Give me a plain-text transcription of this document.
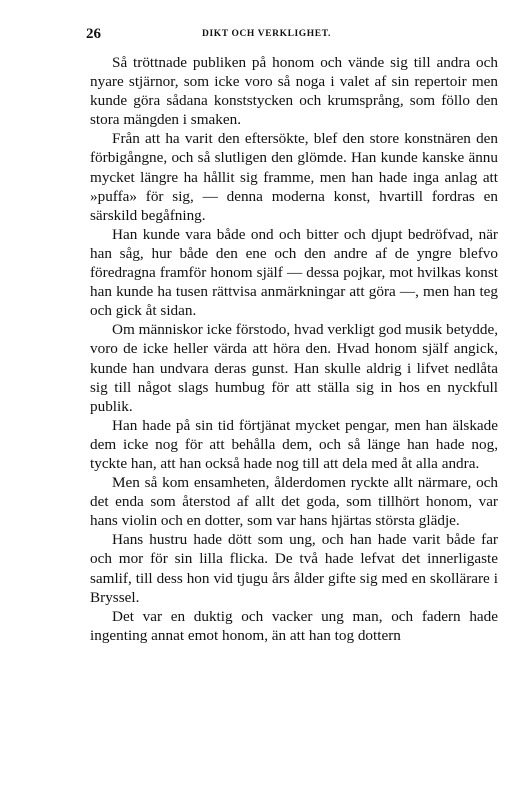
26	DIKT OCH VERKLIGHET.

Så tröttnade publiken på honom och vände sig till andra och nyare stjärnor, som icke voro så noga i valet af sin repertoir men kunde göra sådana konststycken och krumsprång, som föllo den stora mängden i smaken.

Från att ha varit den eftersökte, blef den store konstnären den förbigångne, och så slutligen den glömde. Han kunde kanske ännu mycket längre ha hållit sig framme, men han hade inga anlag att »puffa» för sig, — denna moderna konst, hvartill fordras en särskild begåfning.

Han kunde vara både ond och bitter och djupt bedröfvad, när han såg, hur både den ene och den andre af de yngre blefvo föredragna framför honom själf — dessa pojkar, mot hvilkas konst han kunde ha tusen rättvisa anmärkningar att göra —, men han teg och gick åt sidan.

Om människor icke förstodo, hvad verkligt god musik betydde, voro de icke heller värda att höra den. Hvad honom själf angick, kunde han undvara deras gunst. Han skulle aldrig i lifvet nedlåta sig till något slags humbug för att ställa sig in hos en nyckfull publik.

Han hade på sin tid förtjänat mycket pengar, men han älskade dem icke nog för att behålla dem, och så länge han hade nog, tyckte han, att han också hade nog till att dela med åt alla andra.

Men så kom ensamheten, ålderdomen ryckte allt närmare, och det enda som återstod af allt det goda, som tillhört honom, var hans violin och en dotter, som var hans hjärtas största glädje.

Hans hustru hade dött som ung, och han hade varit både far och mor för sin lilla flicka. De två hade lefvat det innerligaste samlif, till dess hon vid tjugu års ålder gifte sig med en skollärare i Bryssel.

Det var en duktig och vacker ung man, och fadern hade ingenting annat emot honom, än att han tog dottern
